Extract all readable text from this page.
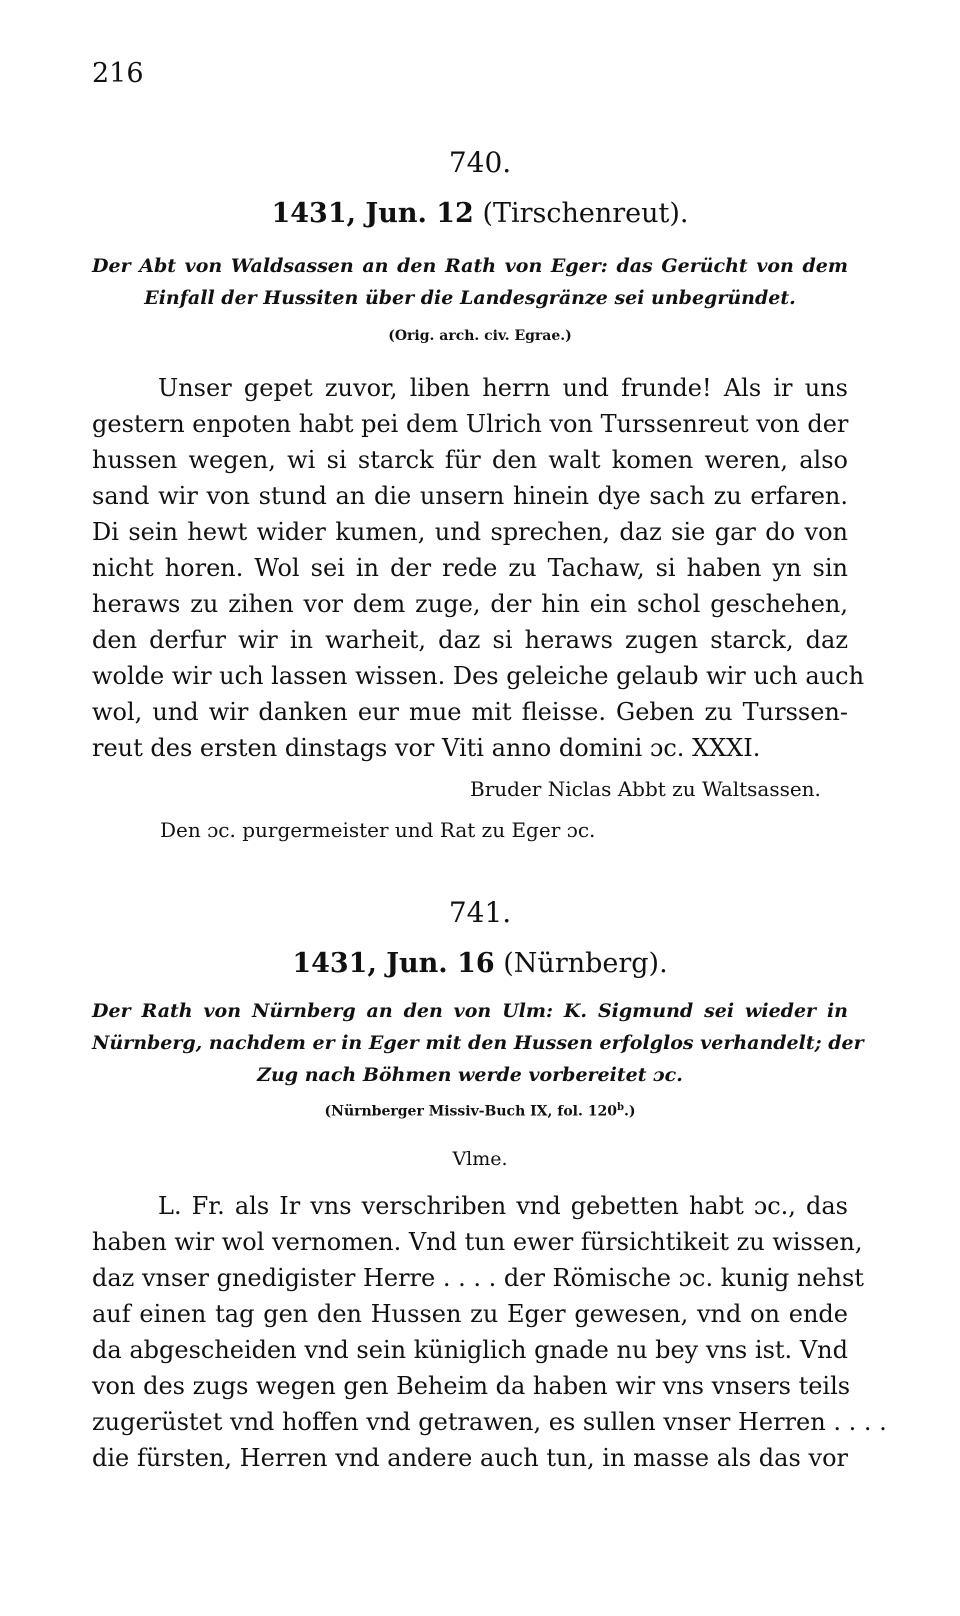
216
740.
1431, Jun. 12 (Tirschenreut).
Der Abt von Waldsassen an den Rath von Eger: das Gerücht von dem
Einfall der Hussiten über die Landesgränze sei unbegründet.
(Orig. arch. civ. Egrae.)
Unser gepet zuvor, liben herrn und frunde! Als ir uns
gestern enpoten habt pei dem Ulrich von Turssenreut von der
hussen wegen, wi si starck für den walt komen weren, also
sand wir von stund an die unsern hinein dye sach zu erfaren.
Di sein hewt wider kumen, und sprechen, daz sie gar do von
nicht horen. Wol sei in der rede zu Tachaw, si haben yn sin
heraws zu zihen vor dem zuge, der hin ein schol geschehen,
den derfur wir in warheit, daz si heraws zugen starck, daz
wolde wir uch lassen wissen. Des geleiche gelaub wir uch auch
wol, und wir danken eur mue mit fleisse. Geben zu Turssen-
reut des ersten dinstags vor Viti anno domini ɔc. XXXI.
Bruder Niclas Abbt zu Waltsassen.
Den ɔc. purgermeister und Rat zu Eger ɔc.
741.
1431, Jun. 16 (Nürnberg).
Der Rath von Nürnberg an den von Ulm: K. Sigmund sei wieder in
Nürnberg, nachdem er in Eger mit den Hussen erfolglos verhandelt; der
Zug nach Böhmen werde vorbereitet ɔc.
(Nürnberger Missiv-Buch IX, fol. 120$^b$.)
Vlme.
L. Fr. als Ir vns verschriben vnd gebetten habt ɔc., das
haben wir wol vernomen. Vnd tun ewer fürsichtikeit zu wissen,
daz vnser gnedigister Herre . . . . der Römische ɔc. kunig nehst
auf einen tag gen den Hussen zu Eger gewesen, vnd on ende
da abgescheiden vnd sein küniglich gnade nu bey vns ist. Vnd
von des zugs wegen gen Beheim da haben wir vns vnsers teils
zugerüstet vnd hoffen vnd getrawen, es sullen vnser Herren . . . .
die fürsten, Herren vnd andere auch tun, in masse als das vor
